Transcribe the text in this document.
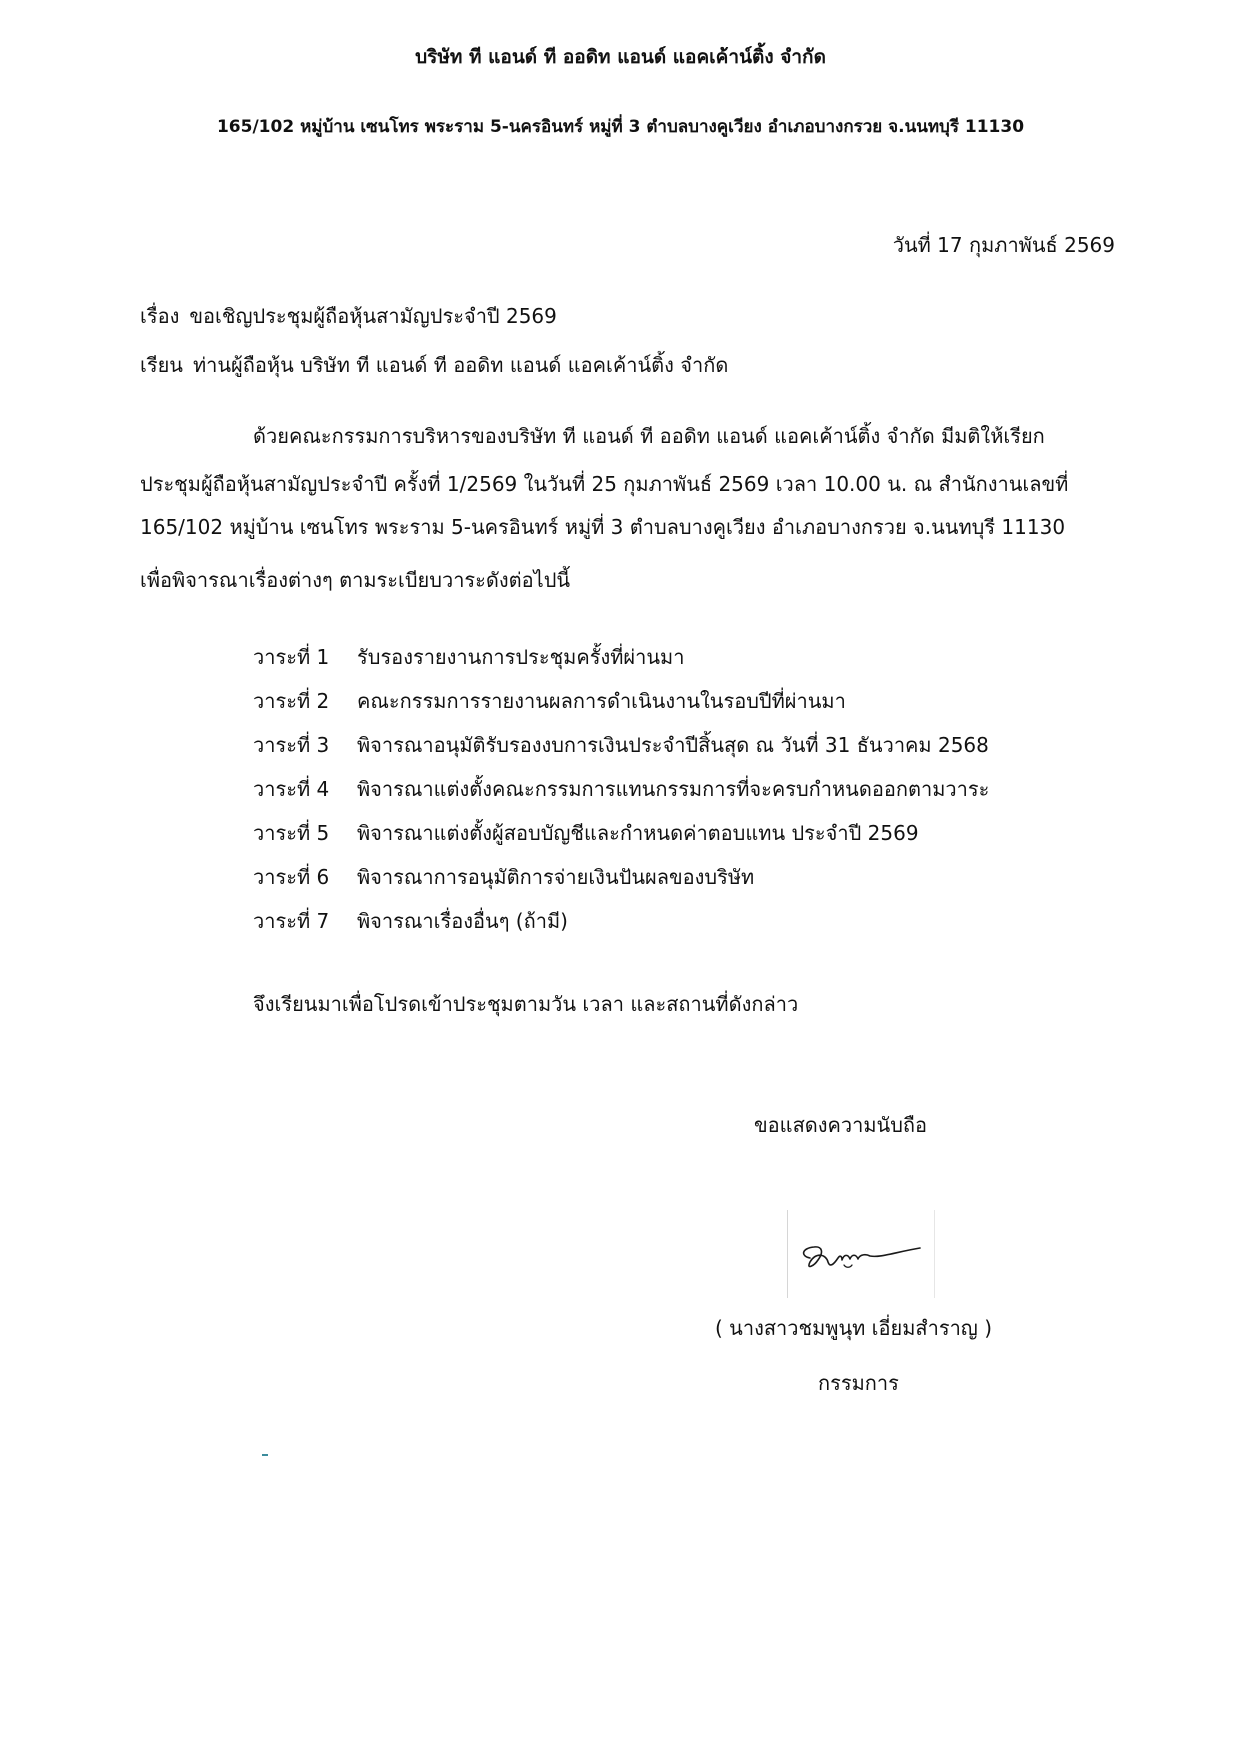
บริษัท ที แอนด์ ที ออดิท แอนด์ แอคเค้าน์ติ้ง จำกัด
165/102 หมู่บ้าน เซนโทร พระราม 5-นครอินทร์ หมู่ที่ 3 ตำบลบางคูเวียง อำเภอบางกรวย จ.นนทบุรี 11130
วันที่ 17 กุมภาพันธ์ 2569
เรื่อง ขอเชิญประชุมผู้ถือหุ้นสามัญประจำปี 2569
เรียน ท่านผู้ถือหุ้น บริษัท ที แอนด์ ที ออดิท แอนด์ แอคเค้าน์ติ้ง จำกัด
ด้วยคณะกรรมการบริหารของบริษัท ที แอนด์ ที ออดิท แอนด์ แอคเค้าน์ติ้ง จำกัด มีมติให้เรียก
ประชุมผู้ถือหุ้นสามัญประจำปี ครั้งที่ 1/2569 ในวันที่ 25 กุมภาพันธ์ 2569 เวลา 10.00 น. ณ สำนักงานเลขที่
165/102 หมู่บ้าน เซนโทร พระราม 5-นครอินทร์ หมู่ที่ 3 ตำบลบางคูเวียง อำเภอบางกรวย จ.นนทบุรี 11130
เพื่อพิจารณาเรื่องต่างๆ ตามระเบียบวาระดังต่อไปนี้
วาระที่ 1 รับรองรายงานการประชุมครั้งที่ผ่านมา
วาระที่ 2 คณะกรรมการรายงานผลการดำเนินงานในรอบปีที่ผ่านมา
วาระที่ 3 พิจารณาอนุมัติรับรองงบการเงินประจำปีสิ้นสุด ณ วันที่ 31 ธันวาคม 2568
วาระที่ 4 พิจารณาแต่งตั้งคณะกรรมการแทนกรรมการที่จะครบกำหนดออกตามวาระ
วาระที่ 5 พิจารณาแต่งตั้งผู้สอบบัญชีและกำหนดค่าตอบแทน ประจำปี 2569
วาระที่ 6 พิจารณาการอนุมัติการจ่ายเงินปันผลของบริษัท
วาระที่ 7 พิจารณาเรื่องอื่นๆ (ถ้ามี)
จึงเรียนมาเพื่อโปรดเข้าประชุมตามวัน เวลา และสถานที่ดังกล่าว
ขอแสดงความนับถือ
( นางสาวชมพูนุท เอี่ยมสำราญ )
กรรมการ
